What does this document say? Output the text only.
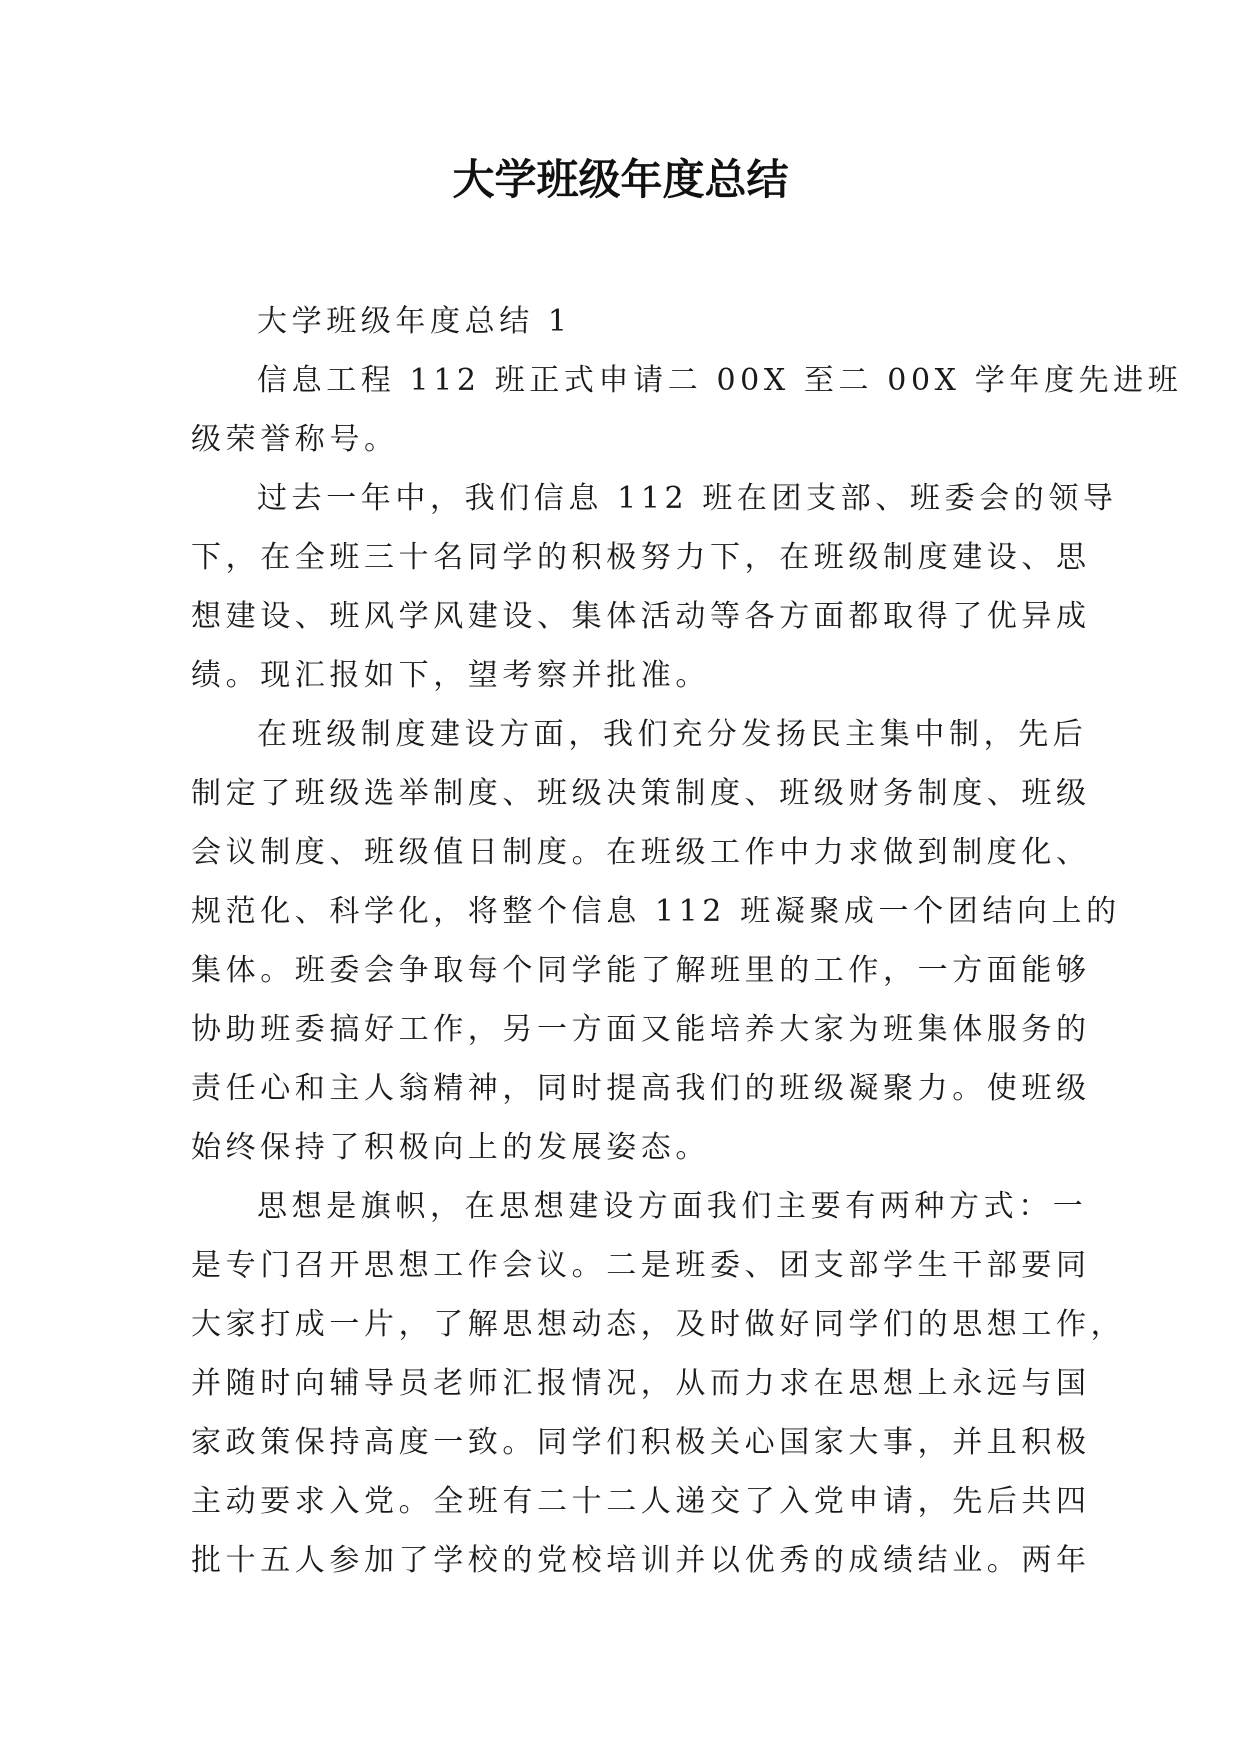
大学班级年度总结
大学班级年度总结 1
信息工程 112 班正式申请二 00X 至二 00X 学年度先进班
级荣誉称号。
过去一年中，我们信息 112 班在团支部、班委会的领导
下，在全班三十名同学的积极努力下，在班级制度建设、思
想建设、班风学风建设、集体活动等各方面都取得了优异成
绩。现汇报如下，望考察并批准。
在班级制度建设方面，我们充分发扬民主集中制，先后
制定了班级选举制度、班级决策制度、班级财务制度、班级
会议制度、班级值日制度。在班级工作中力求做到制度化、
规范化、科学化，将整个信息 112 班凝聚成一个团结向上的
集体。班委会争取每个同学能了解班里的工作，一方面能够
协助班委搞好工作，另一方面又能培养大家为班集体服务的
责任心和主人翁精神，同时提高我们的班级凝聚力。使班级
始终保持了积极向上的发展姿态。
思想是旗帜，在思想建设方面我们主要有两种方式：一
是专门召开思想工作会议。二是班委、团支部学生干部要同
大家打成一片，了解思想动态，及时做好同学们的思想工作，
并随时向辅导员老师汇报情况，从而力求在思想上永远与国
家政策保持高度一致。同学们积极关心国家大事，并且积极
主动要求入党。全班有二十二人递交了入党申请，先后共四
批十五人参加了学校的党校培训并以优秀的成绩结业。两年
